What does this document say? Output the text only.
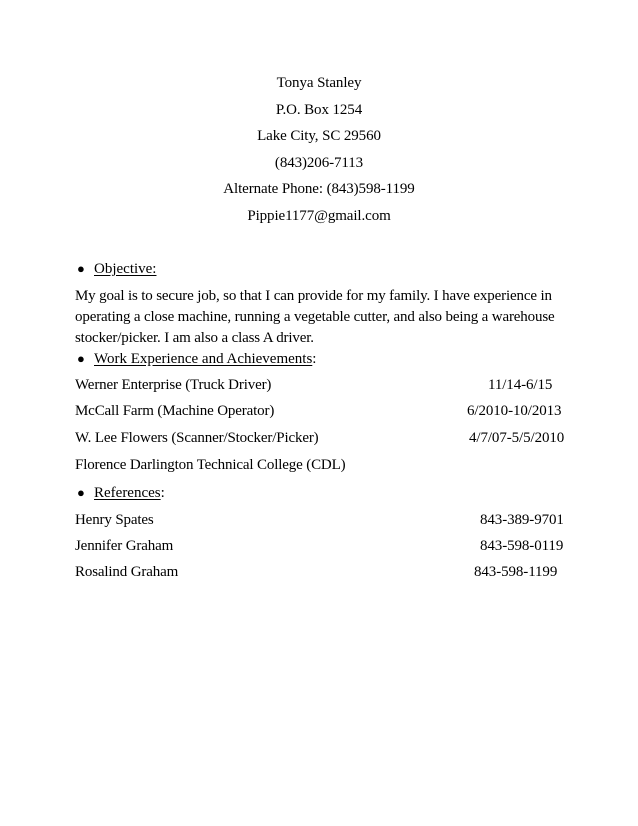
Tonya Stanley
P.O. Box 1254
Lake City, SC 29560
(843)206-7113
Alternate Phone: (843)598-1199
Pippie1177@gmail.com
● Objective:
My goal is to secure job, so that I can provide for my family. I have experience in operating a close machine, running a vegetable cutter, and also being a warehouse stocker/picker. I am also a class A driver.
● Work Experience and Achievements:
Werner Enterprise (Truck Driver)	11/14-6/15
McCall Farm (Machine Operator)	6/2010-10/2013
W. Lee Flowers (Scanner/Stocker/Picker)	4/7/07-5/5/2010
Florence Darlington Technical College (CDL)
● References:
Henry Spates	843-389-9701
Jennifer Graham	843-598-0119
Rosalind Graham	843-598-1199
